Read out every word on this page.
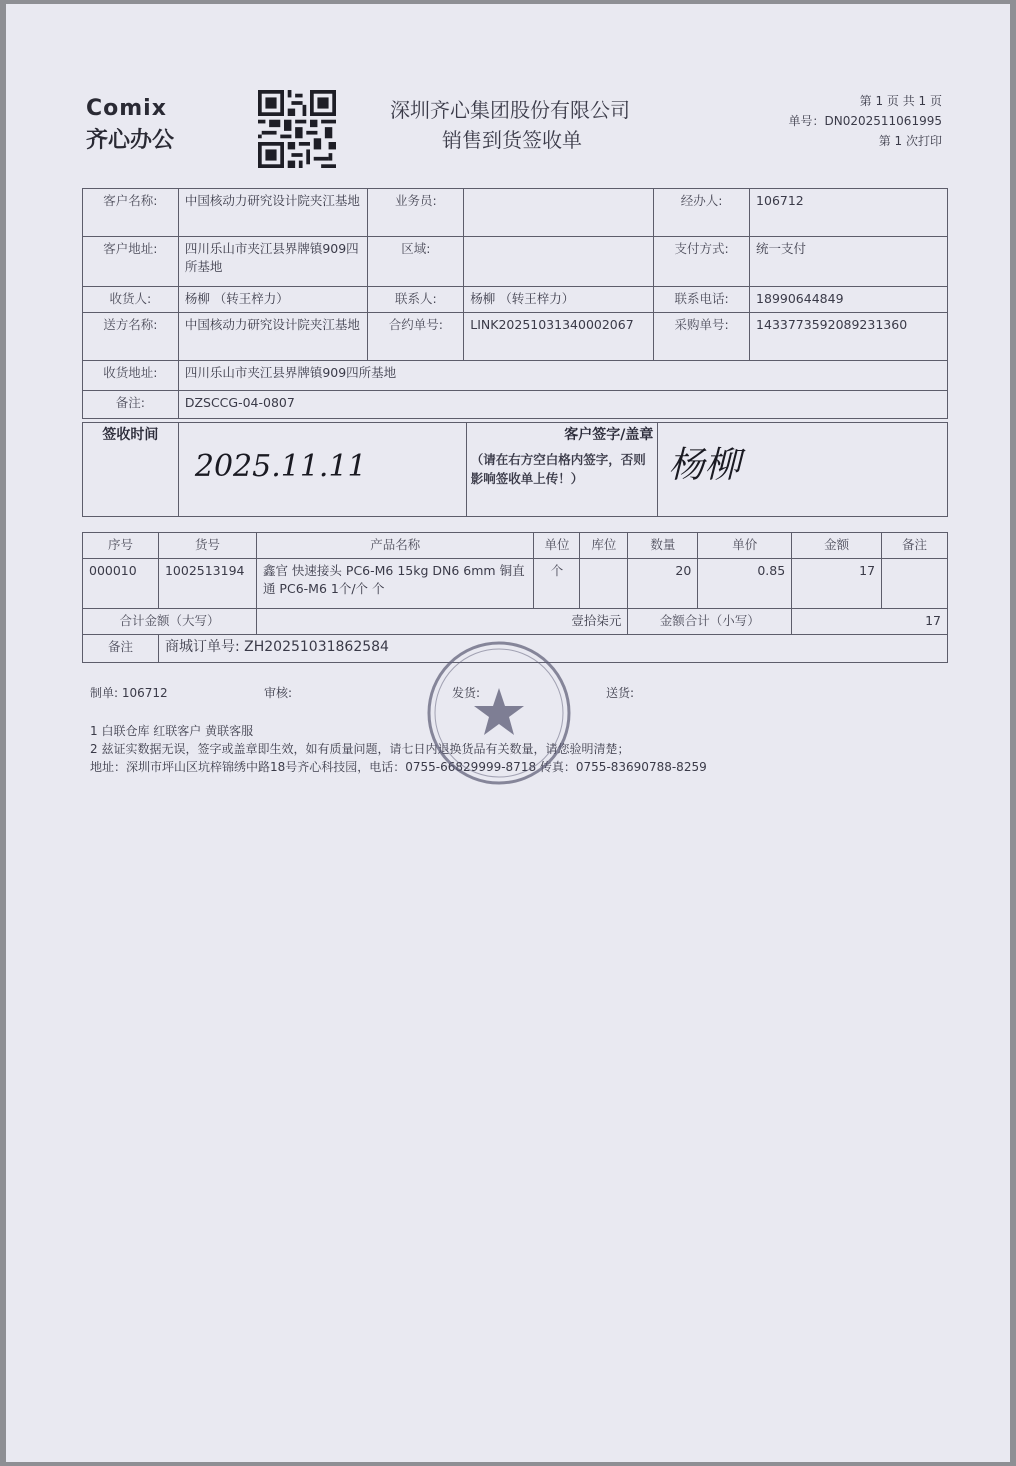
Comix
齐心办公
深圳齐心集团股份有限公司
销售到货签收单
第 1 页 共 1 页
单号：DN0202511061995
第 1 次打印
客户名称:	中国核动力研究设计院夹江基地	业务员:		经办人:	106712
客户地址:	四川乐山市夹江县界牌镇909四所基地	区域:		支付方式:	统一支付
收货人:	杨柳 （转王梓力）	联系人:	杨柳 （转王梓力）	联系电话:	18990644849
送方名称:	中国核动力研究设计院夹江基地	合约单号:	LINK20251031340002067	采购单号:	1433773592089231360
收货地址:	四川乐山市夹江县界牌镇909四所基地				
备注:	DZSCCG-04-0807				
签收时间	2025.11.11	
客户签字/盖章
（请在右方空白格内签字，否则影响签收单上传！）	杨柳
序号	货号	产品名称	单位	库位	数量	单价	金额	备注
000010	1002513194	鑫官 快速接头 PC6-M6 15kg DN6 6mm 铜直通 PC6-M6 1个/个 个	个		20	0.85	17	
合计金额（大写）		壹拾柒元			金额合计（小写）		17	
备注	商城订单号: ZH20251031862584							
制单: 106712	审核:	发货:	送货:
1 白联仓库 红联客户 黄联客服
2 兹证实数据无误，签字或盖章即生效，如有质量问题，请七日内退换货品有关数量，请您验明清楚；
地址：深圳市坪山区坑梓锦绣中路18号齐心科技园，电话：0755-66829999-8718 传真：0755-83690788-8259
